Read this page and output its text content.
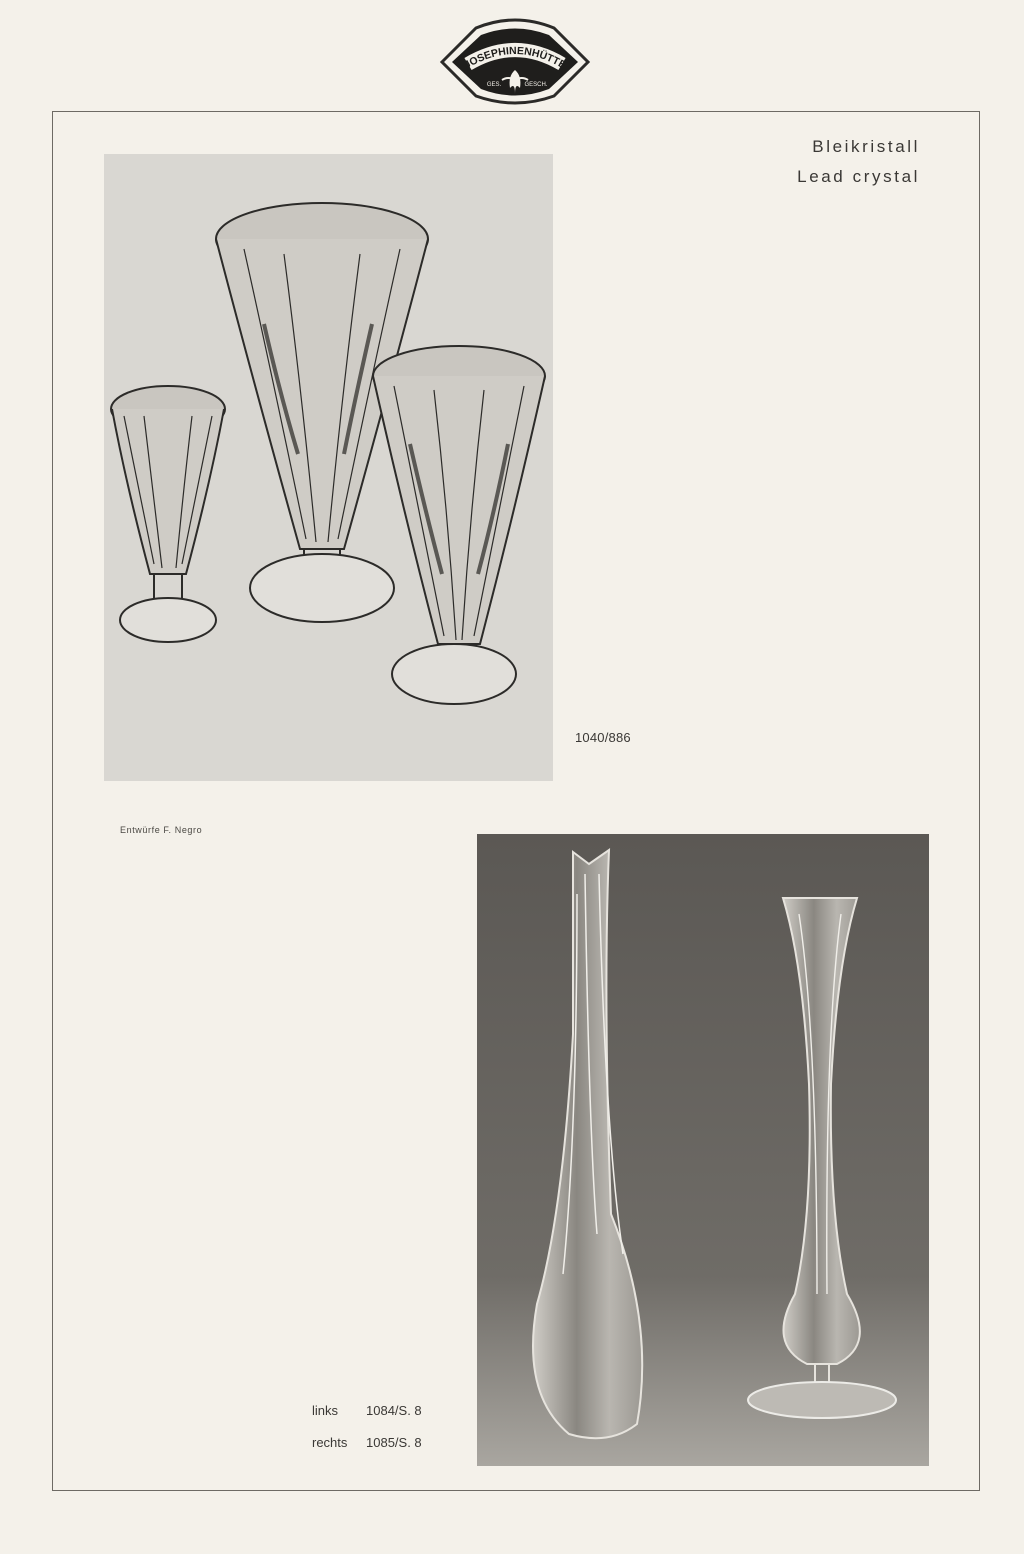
JOSEPHINENHÜTTE
GES.	GESCH.
Bleikristall
Lead crystal
1040/886
Entwürfe F. Negro
links 1084/S. 8
rechts 1085/S. 8
